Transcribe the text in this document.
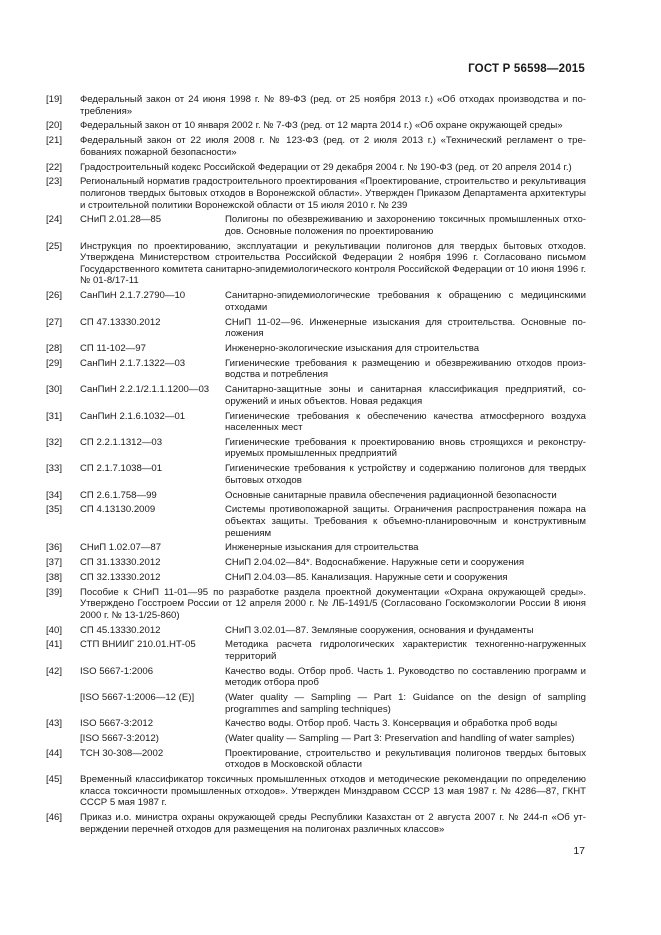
ГОСТ Р 56598—2015
[19]	Федеральный закон от 24 июня 1998 г. № 89-ФЗ (ред. от 25 ноября 2013 г.) «Об отходах производства и потребления»
[20]	Федеральный закон от 10 января 2002 г. № 7-ФЗ (ред. от 12 марта 2014 г.) «Об охране окружающей среды»
[21]	Федеральный закон от 22 июля 2008 г. № 123-ФЗ (ред. от 2 июля 2013 г.) «Технический регламент о требованиях пожарной безопасности»
[22]	Градостроительный кодекс Российской Федерации от 29 декабря 2004 г. № 190-ФЗ (ред. от 20 апреля 2014 г.)
[23]	Региональный норматив градостроительного проектирования «Проектирование, строительство и рекультивация полигонов твердых бытовых отходов в Воронежской области». Утвержден Приказом Департамента архитектуры и строительной политики Воронежской области от 15 июля 2010 г. № 239
[24]	СНиП 2.01.28—85	Полигоны по обезвреживанию и захоронению токсичных промышленных отходов. Основные положения по проектированию
[25]	Инструкция по проектированию, эксплуатации и рекультивации полигонов для твердых бытовых отходов. Утверждена Министерством строительства Российской Федерации 2 ноября 1996 г. Согласовано письмом Государственного комитета санитарно-эпидемиологического контроля Российской Федерации от 10 июня 1996 г. № 01-8/17-11
[26]	СанПиН 2.1.7.2790—10	Санитарно-эпидемиологические требования к обращению с медицинскими отходами
[27]	СП 47.13330.2012	СНиП 11-02—96. Инженерные изыскания для строительства. Основные положения
[28]	СП 11-102—97	Инженерно-экологические изыскания для строительства
[29]	СанПиН 2.1.7.1322—03	Гигиенические требования к размещению и обезвреживанию отходов производства и потребления
[30]	СанПиН 2.2.1/2.1.1.1200—03	Санитарно-защитные зоны и санитарная классификация предприятий, сооружений и иных объектов. Новая редакция
[31]	СанПиН 2.1.6.1032—01	Гигиенические требования к обеспечению качества атмосферного воздуха населенных мест
[32]	СП 2.2.1.1312—03	Гигиенические требования к проектированию вновь строящихся и реконструируемых промышленных предприятий
[33]	СП 2.1.7.1038—01	Гигиенические требования к устройству и содержанию полигонов для твердых бытовых отходов
[34]	СП 2.6.1.758—99	Основные санитарные правила обеспечения радиационной безопасности
[35]	СП 4.13130.2009	Системы противопожарной защиты. Ограничения распространения пожара на объектах защиты. Требования к объемно-планировочным и конструктивным решениям
[36]	СНиП 1.02.07—87	Инженерные изыскания для строительства
[37]	СП 31.13330.2012	СНиП 2.04.02—84*. Водоснабжение. Наружные сети и сооружения
[38]	СП 32.13330.2012	СНиП 2.04.03—85. Канализация. Наружные сети и сооружения
[39]	Пособие к СНиП 11-01—95 по разработке раздела проектной документации «Охрана окружающей среды». Утверждено Госстроем России от 12 апреля 2000 г. № ЛБ-1491/5 (Согласовано Госкомэкологии России 8 июня 2000 г. № 13-1/25-860)
[40]	СП 45.13330.2012	СНиП 3.02.01—87. Земляные сооружения, основания и фундаменты
[41]	СТП ВНИИГ 210.01.НТ-05	Методика расчета гидрологических характеристик техногенно-нагруженных территорий
[42]	ISO 5667-1:2006	Качество воды. Отбор проб. Часть 1. Руководство по составлению программ и методик отбора проб
[ISO 5667-1:2006—12 (E)]	(Water quality — Sampling — Part 1: Guidance on the design of sampling programmes and sampling techniques)
[43]	ISO 5667-3:2012	Качество воды. Отбор проб. Часть 3. Консервация и обработка проб воды
[ISO 5667-3:2012)	(Water quality — Sampling — Part 3: Preservation and handling of water samples)
[44]	ТСН 30-308—2002	Проектирование, строительство и рекультивация полигонов твердых бытовых отходов в Московской области
[45]	Временный классификатор токсичных промышленных отходов и методические рекомендации по определению класса токсичности промышленных отходов». Утвержден Минздравом СССР 13 мая 1987 г. № 4286—87, ГКНТ СССР 5 мая 1987 г.
[46]	Приказ и.о. министра охраны окружающей среды Республики Казахстан от 2 августа 2007 г. № 244-п «Об утверждении перечней отходов для размещения на полигонах различных классов»
17
